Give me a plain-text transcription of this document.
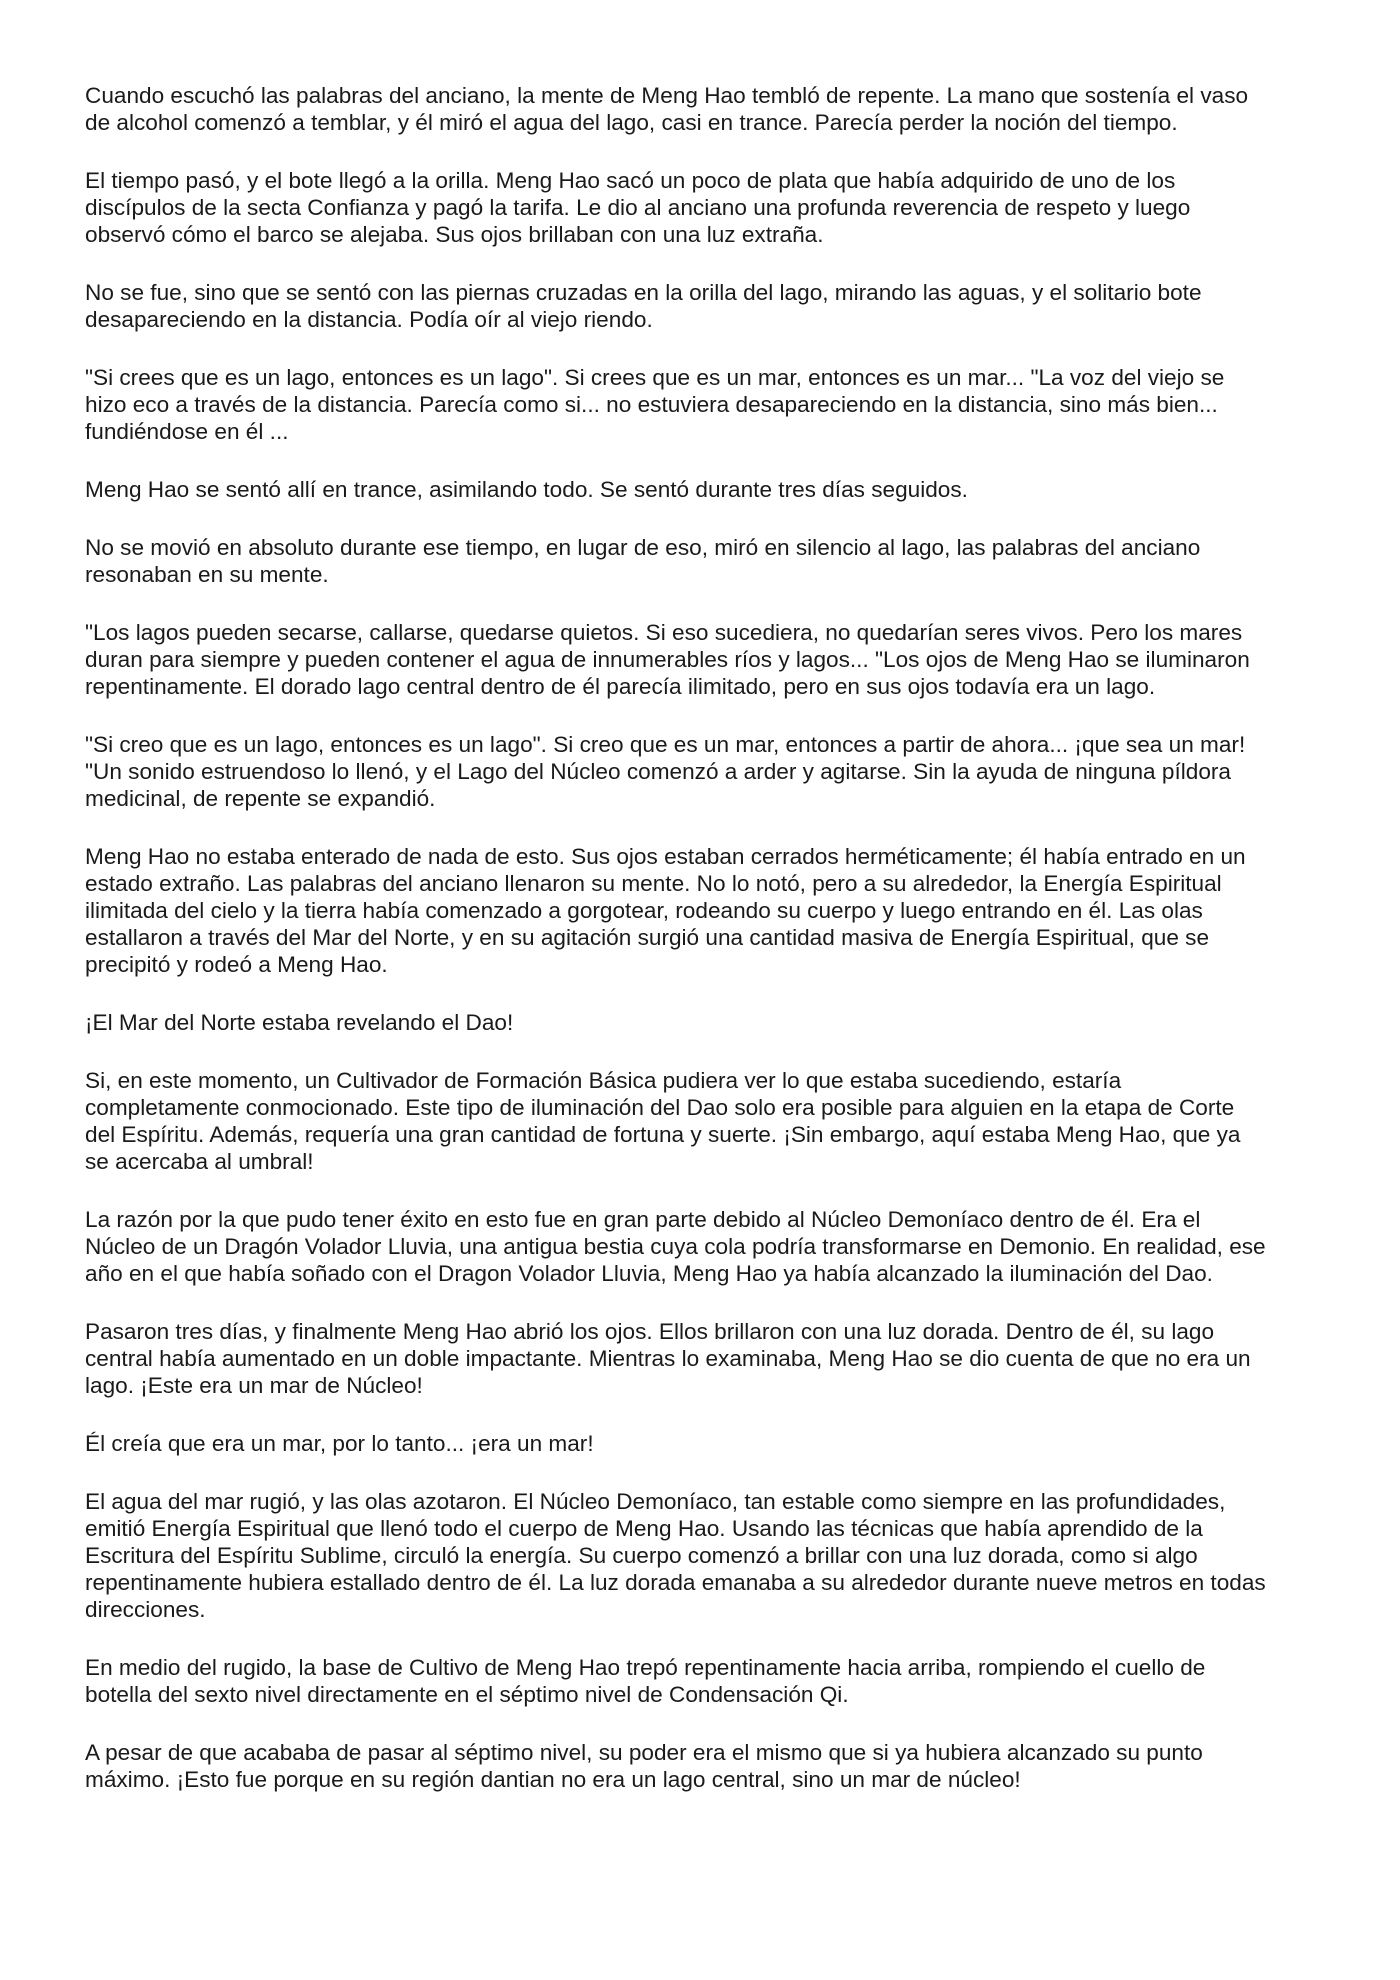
Cuando escuchó las palabras del anciano, la mente de Meng Hao tembló de repente. La mano que sostenía el vaso
de alcohol comenzó a temblar, y él miró el agua del lago, casi en trance. Parecía perder la noción del tiempo.

El tiempo pasó, y el bote llegó a la orilla. Meng Hao sacó un poco de plata que había adquirido de uno de los
discípulos de la secta Confianza y pagó la tarifa. Le dio al anciano una profunda reverencia de respeto y luego
observó cómo el barco se alejaba. Sus ojos brillaban con una luz extraña.

No se fue, sino que se sentó con las piernas cruzadas en la orilla del lago, mirando las aguas, y el solitario bote
desapareciendo en la distancia. Podía oír al viejo riendo.

"Si crees que es un lago, entonces es un lago". Si crees que es un mar, entonces es un mar... "La voz del viejo se
hizo eco a través de la distancia. Parecía como si... no estuviera desapareciendo en la distancia, sino más bien...
fundiéndose en él ...

Meng Hao se sentó allí en trance, asimilando todo. Se sentó durante tres días seguidos.

No se movió en absoluto durante ese tiempo, en lugar de eso, miró en silencio al lago, las palabras del anciano
resonaban en su mente.

"Los lagos pueden secarse, callarse, quedarse quietos. Si eso sucediera, no quedarían seres vivos. Pero los mares
duran para siempre y pueden contener el agua de innumerables ríos y lagos... "Los ojos de Meng Hao se iluminaron
repentinamente. El dorado lago central dentro de él parecía ilimitado, pero en sus ojos todavía era un lago.

"Si creo que es un lago, entonces es un lago". Si creo que es un mar, entonces a partir de ahora... ¡que sea un mar!
"Un sonido estruendoso lo llenó, y el Lago del Núcleo comenzó a arder y agitarse. Sin la ayuda de ninguna píldora
medicinal, de repente se expandió.

Meng Hao no estaba enterado de nada de esto. Sus ojos estaban cerrados herméticamente; él había entrado en un
estado extraño. Las palabras del anciano llenaron su mente. No lo notó, pero a su alrededor, la Energía Espiritual
ilimitada del cielo y la tierra había comenzado a gorgotear, rodeando su cuerpo y luego entrando en él. Las olas
estallaron a través del Mar del Norte, y en su agitación surgió una cantidad masiva de Energía Espiritual, que se
precipitó y rodeó a Meng Hao.

¡El Mar del Norte estaba revelando el Dao!

Si, en este momento, un Cultivador de Formación Básica pudiera ver lo que estaba sucediendo, estaría
completamente conmocionado. Este tipo de iluminación del Dao solo era posible para alguien en la etapa de Corte
del Espíritu. Además, requería una gran cantidad de fortuna y suerte. ¡Sin embargo, aquí estaba Meng Hao, que ya
se acercaba al umbral!

La razón por la que pudo tener éxito en esto fue en gran parte debido al Núcleo Demoníaco dentro de él. Era el
Núcleo de un Dragón Volador Lluvia, una antigua bestia cuya cola podría transformarse en Demonio. En realidad, ese
año en el que había soñado con el Dragon Volador Lluvia, Meng Hao ya había alcanzado la iluminación del Dao.

Pasaron tres días, y finalmente Meng Hao abrió los ojos. Ellos brillaron con una luz dorada. Dentro de él, su lago
central había aumentado en un doble impactante. Mientras lo examinaba, Meng Hao se dio cuenta de que no era un
lago. ¡Este era un mar de Núcleo!

Él creía que era un mar, por lo tanto... ¡era un mar!

El agua del mar rugió, y las olas azotaron. El Núcleo Demoníaco, tan estable como siempre en las profundidades,
emitió Energía Espiritual que llenó todo el cuerpo de Meng Hao. Usando las técnicas que había aprendido de la
Escritura del Espíritu Sublime, circuló la energía. Su cuerpo comenzó a brillar con una luz dorada, como si algo
repentinamente hubiera estallado dentro de él. La luz dorada emanaba a su alrededor durante nueve metros en todas
direcciones.

En medio del rugido, la base de Cultivo de Meng Hao trepó repentinamente hacia arriba, rompiendo el cuello de
botella del sexto nivel directamente en el séptimo nivel de Condensación Qi.

A pesar de que acababa de pasar al séptimo nivel, su poder era el mismo que si ya hubiera alcanzado su punto
máximo. ¡Esto fue porque en su región dantian no era un lago central, sino un mar de núcleo!
